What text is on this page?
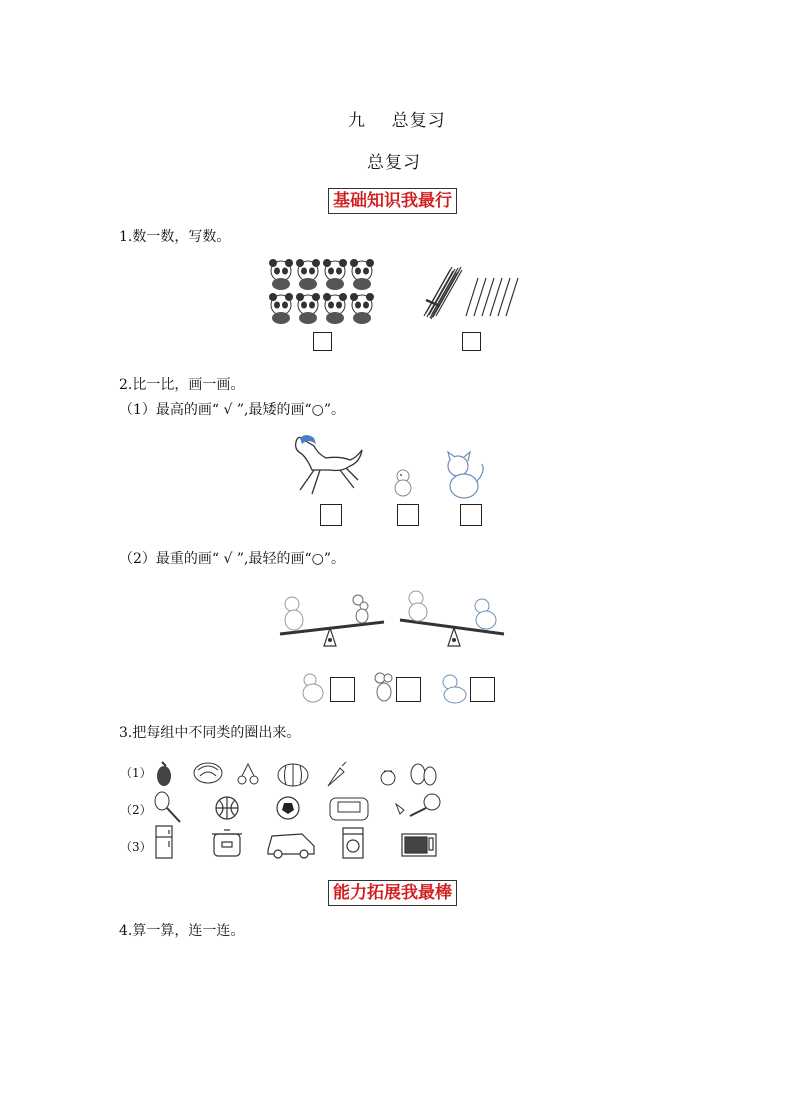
九 总复习
总复习
基础知识我最行
1.数一数，写数。
2.比一比，画一画。
（1）最高的画“ √ ”,最矮的画“○”。
（2）最重的画“ √ ”,最轻的画“○”。
3.把每组中不同类的圈出来。
（1）
（2）
（3）
能力拓展我最棒
4.算一算，连一连。
